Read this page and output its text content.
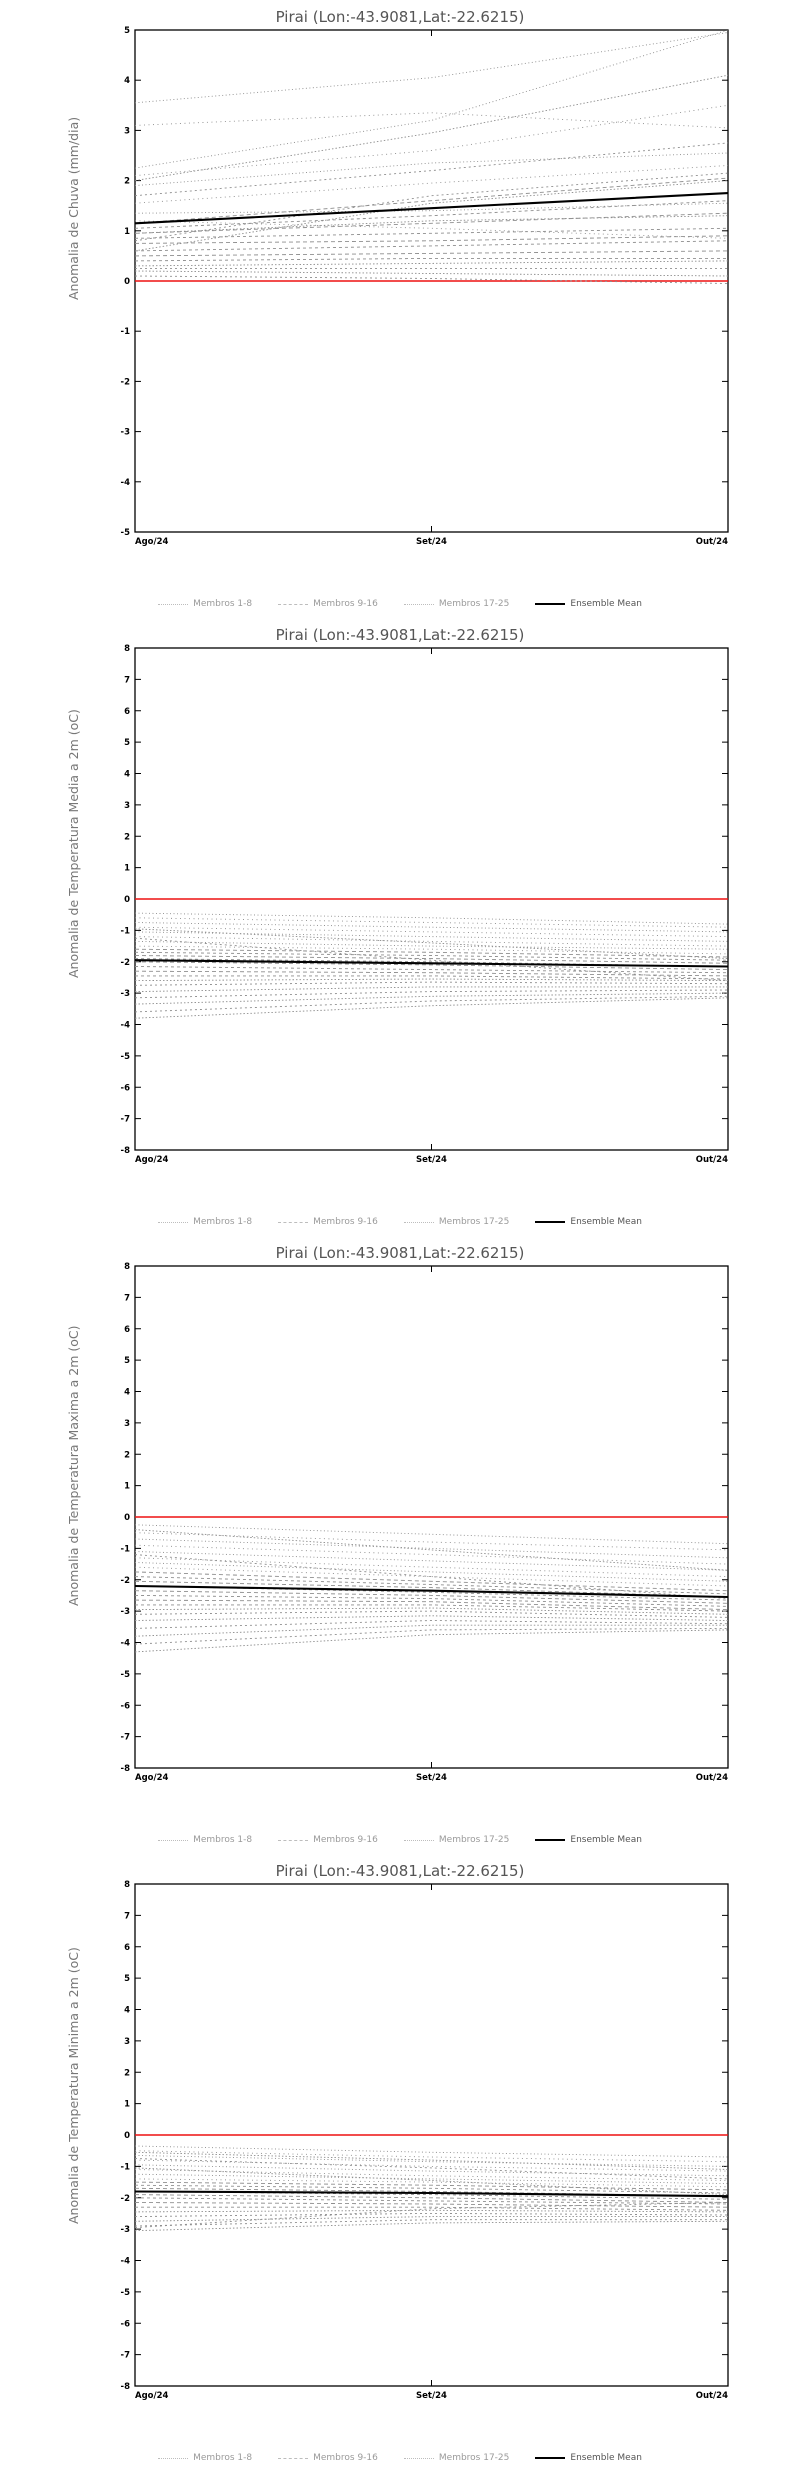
Pirai (Lon:-43.9081,Lat:-22.6215)
Anomalia de Chuva (mm/dia)
-5
-4
-3
-2
-1
0
1
2
3
4
5
Ago/24	Set/24	Out/24
Membros 1-8	Membros 9-16	Membros 17-25	Ensemble Mean
Pirai (Lon:-43.9081,Lat:-22.6215)
Anomalia de Temperatura Media a 2m (oC)
-8
-7
-6
-5
-4
-3
-2
-1
0
1
2
3
4
5
6
7
8
Ago/24	Set/24	Out/24
Membros 1-8	Membros 9-16	Membros 17-25	Ensemble Mean
Pirai (Lon:-43.9081,Lat:-22.6215)
Anomalia de Temperatura Maxima a 2m (oC)
-8
-7
-6
-5
-4
-3
-2
-1
0
1
2
3
4
5
6
7
8
Ago/24	Set/24	Out/24
Membros 1-8	Membros 9-16	Membros 17-25	Ensemble Mean
Pirai (Lon:-43.9081,Lat:-22.6215)
Anomalia de Temperatura Minima a 2m (oC)
-8
-7
-6
-5
-4
-3
-2
-1
0
1
2
3
4
5
6
7
8
Ago/24	Set/24	Out/24
Membros 1-8	Membros 9-16	Membros 17-25	Ensemble Mean
